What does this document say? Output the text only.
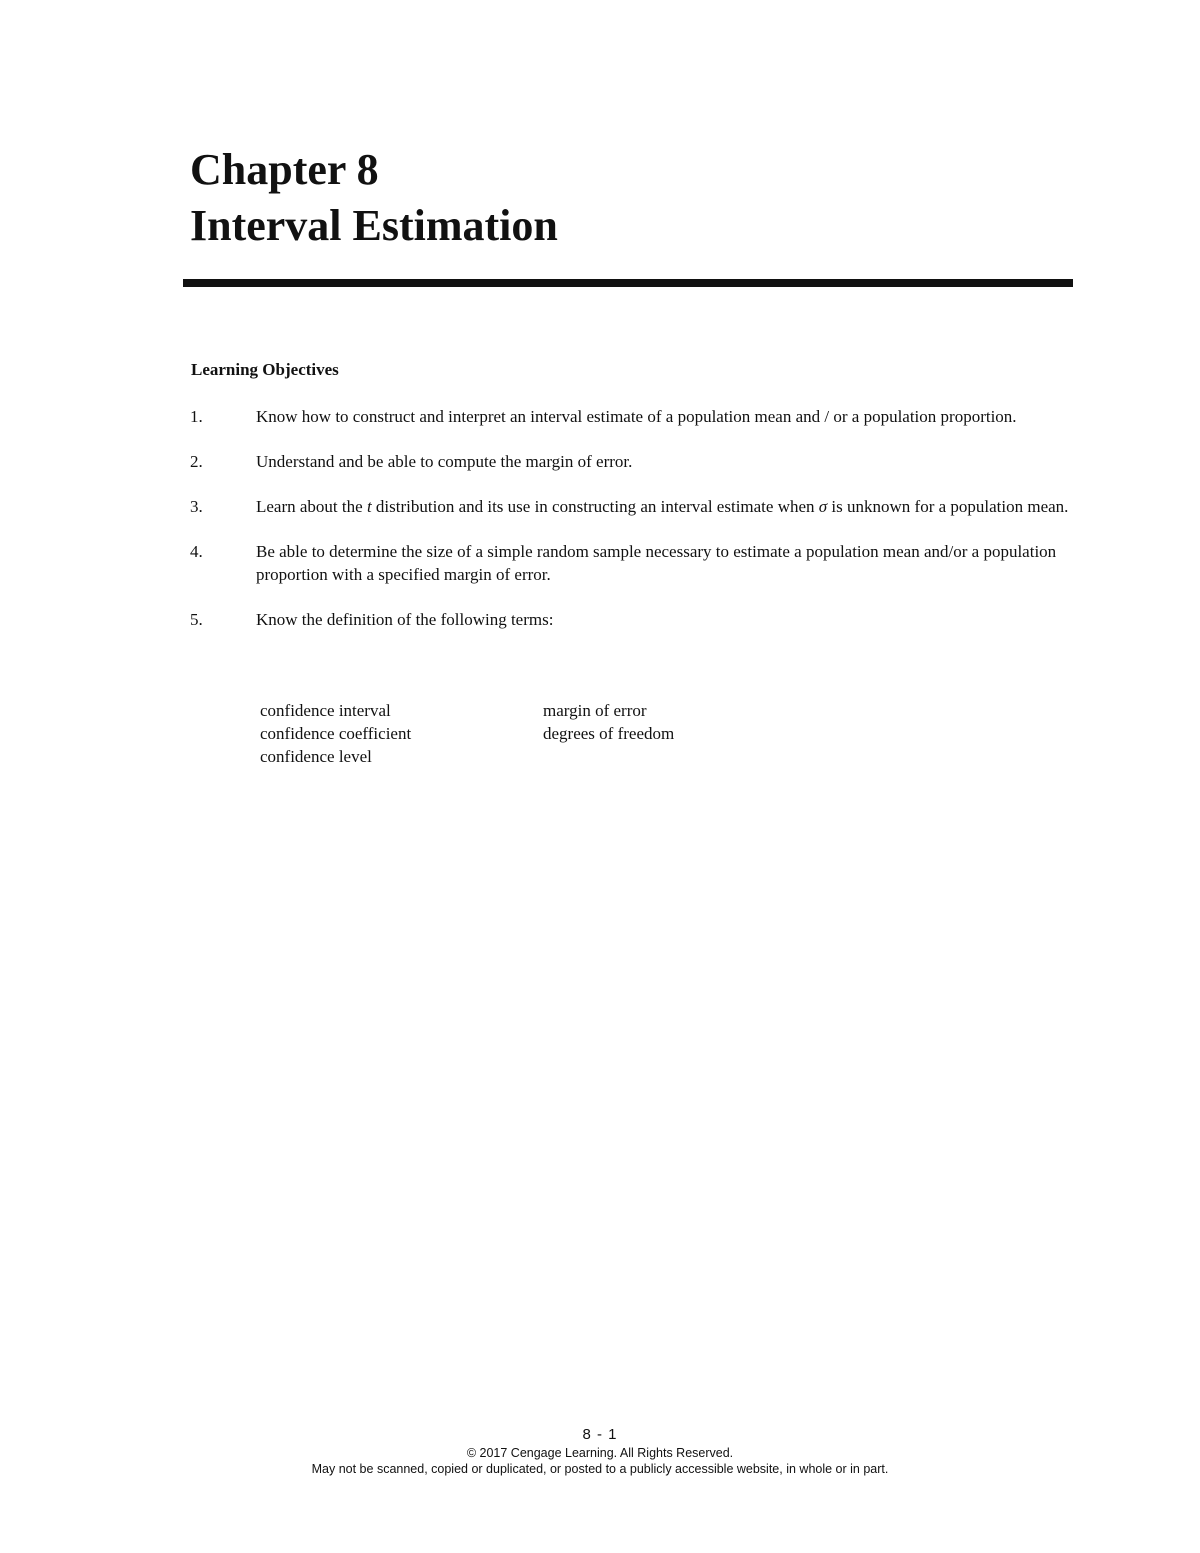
Chapter 8
Interval Estimation
Learning Objectives
1.	Know how to construct and interpret an interval estimate of a population mean and / or a population proportion.
2.	Understand and be able to compute the margin of error.
3.	Learn about the t distribution and its use in constructing an interval estimate when σ is unknown for a population mean.
4.	Be able to determine the size of a simple random sample necessary to estimate a population mean and/or a population proportion with a specified margin of error.
5.	Know the definition of the following terms:
confidence interval	margin of error
confidence coefficient	degrees of freedom
confidence level
8 - 1
© 2017 Cengage Learning. All Rights Reserved.
May not be scanned, copied or duplicated, or posted to a publicly accessible website, in whole or in part.
